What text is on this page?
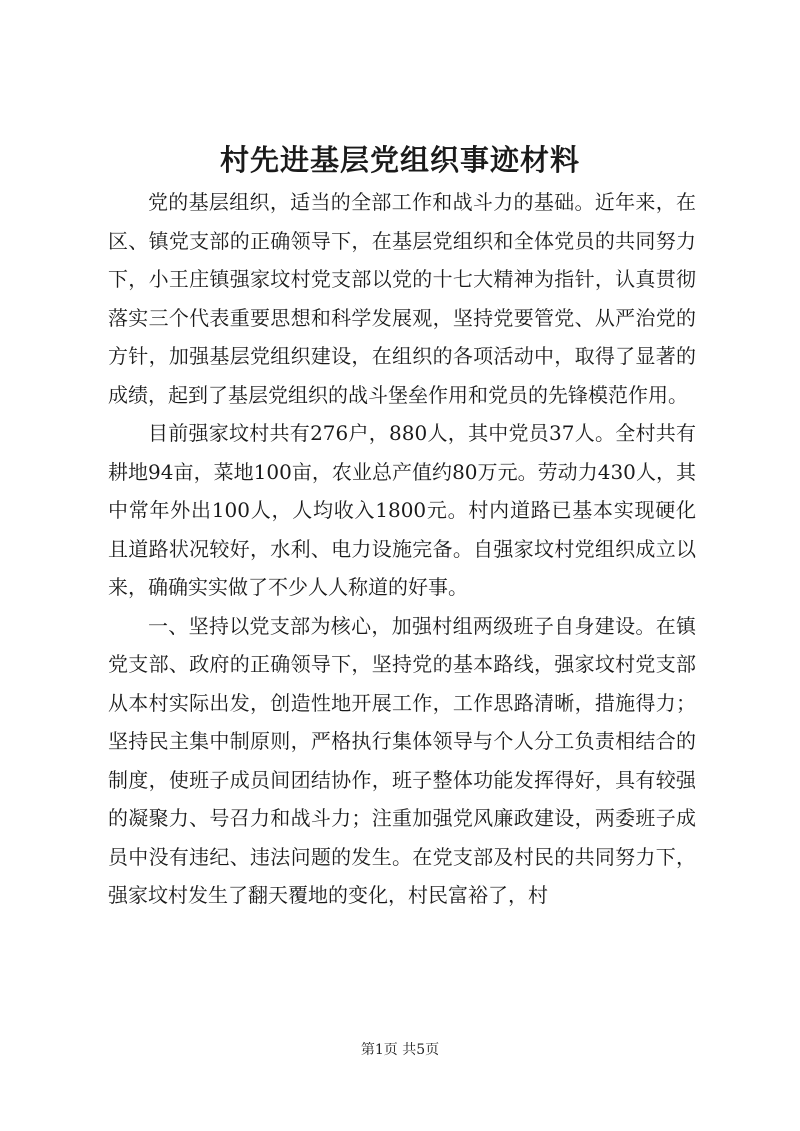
村先进基层党组织事迹材料

党的基层组织，适当的全部工作和战斗力的基础。近年来，在区、镇党支部的正确领导下，在基层党组织和全体党员的共同努力下，小王庄镇强家坟村党支部以党的十七大精神为指针，认真贯彻落实三个代表重要思想和科学发展观，坚持党要管党、从严治党的方针，加强基层党组织建设，在组织的各项活动中，取得了显著的成绩，起到了基层党组织的战斗堡垒作用和党员的先锋模范作用。

目前强家坟村共有276户，880人，其中党员37人。全村共有耕地94亩，菜地100亩，农业总产值约80万元。劳动力430人，其中常年外出100人，人均收入1800元。村内道路已基本实现硬化且道路状况较好，水利、电力设施完备。自强家坟村党组织成立以来，确确实实做了不少人人称道的好事。

一、坚持以党支部为核心，加强村组两级班子自身建设。在镇党支部、政府的正确领导下，坚持党的基本路线，强家坟村党支部从本村实际出发，创造性地开展工作，工作思路清晰，措施得力；坚持民主集中制原则，严格执行集体领导与个人分工负责相结合的制度，使班子成员间团结协作，班子整体功能发挥得好，具有较强的凝聚力、号召力和战斗力；注重加强党风廉政建设，两委班子成员中没有违纪、违法问题的发生。在党支部及村民的共同努力下，强家坟村发生了翻天覆地的变化，村民富裕了，村

第1页 共5页
